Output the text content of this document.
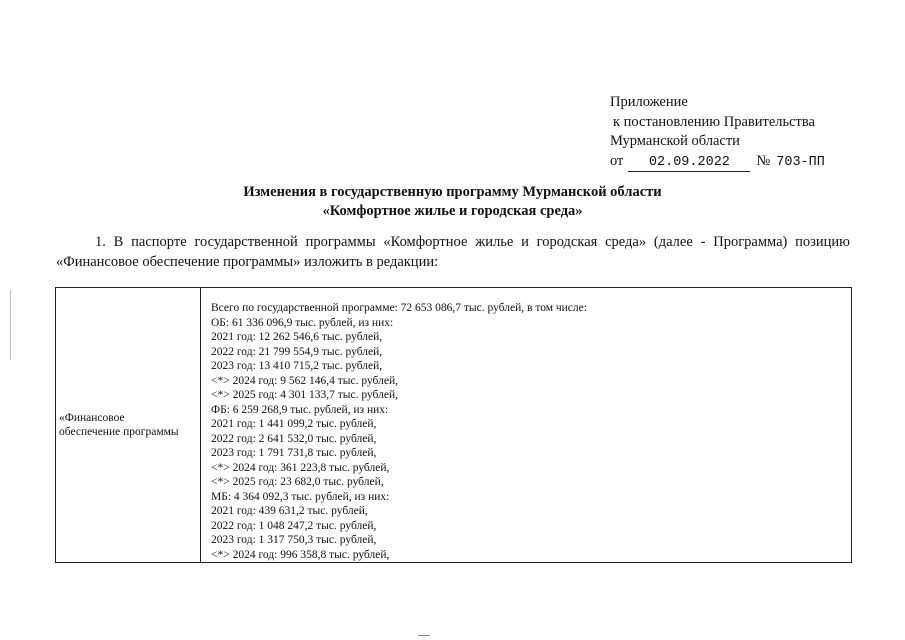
Приложение
к постановлению Правительства
Мурманской области
от	02.09.2022	№ 703-ПП
Изменения в государственную программу Мурманской области
«Комфортное жилье и городская среда»
1. В паспорте государственной программы «Комфортное жилье и городская среда» (далее - Программа) позицию «Финансовое обеспечение программы» изложить в редакции:
«Финансовое
обеспечение программы

Всего по государственной программе: 72 653 086,7 тыс. рублей, в том числе:
ОБ: 61 336 096,9 тыс. рублей, из них:
2021 год: 12 262 546,6 тыс. рублей,
2022 год: 21 799 554,9 тыс. рублей,
2023 год: 13 410 715,2 тыс. рублей,
<*> 2024 год: 9 562 146,4 тыс. рублей,
<*> 2025 год: 4 301 133,7 тыс. рублей,
ФБ: 6 259 268,9 тыс. рублей, из них:
2021 год: 1 441 099,2 тыс. рублей,
2022 год: 2 641 532,0 тыс. рублей,
2023 год: 1 791 731,8 тыс. рублей,
<*> 2024 год: 361 223,8 тыс. рублей,
<*> 2025 год: 23 682,0 тыс. рублей,
МБ: 4 364 092,3 тыс. рублей, из них:
2021 год: 439 631,2 тыс. рублей,
2022 год: 1 048 247,2 тыс. рублей,
2023 год: 1 317 750,3 тыс. рублей,
<*> 2024 год: 996 358,8 тыс. рублей,
